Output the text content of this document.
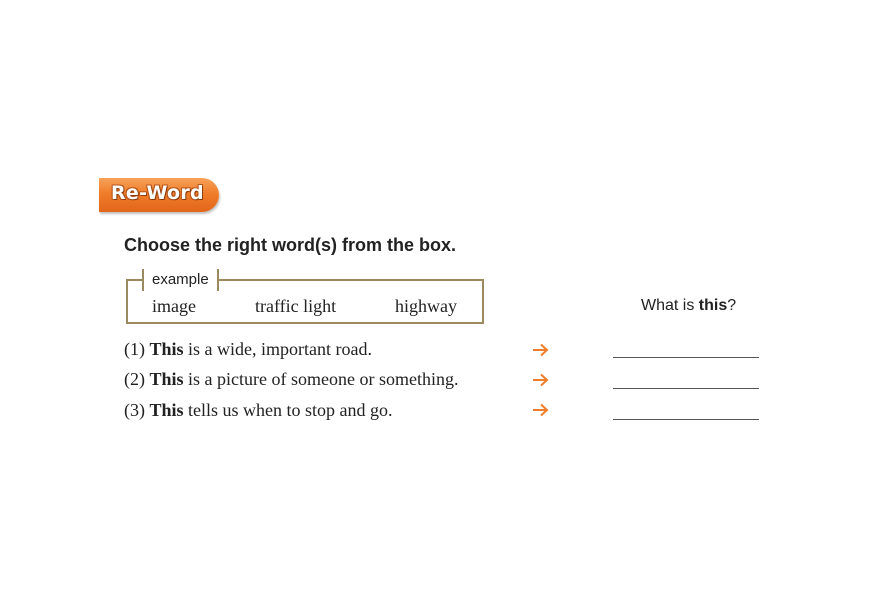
Re-Word
Choose the right word(s) from the box.
example
image	traffic light	highway	What is this?
(1) This is a wide, important road.
(2) This is a picture of someone or something.
(3) This tells us when to stop and go.
